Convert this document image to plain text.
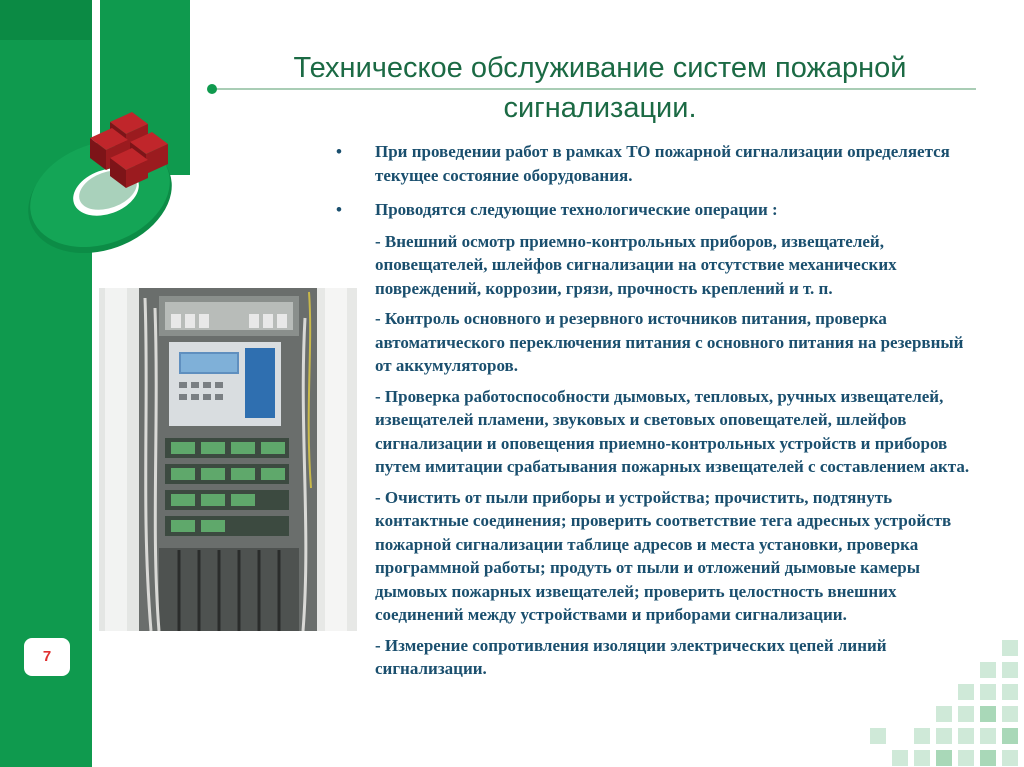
Техническое обслуживание систем пожарной
сигнализации.
7
• При проведении работ в рамках ТО пожарной сигнализации определяется текущее состояние оборудования.
• Проводятся следующие технологические операции :
- Внешний осмотр приемно-контрольных приборов, извещателей, оповещателей, шлейфов сигнализации на отсутствие механических повреждений, коррозии, грязи, прочность креплений и т. п.
- Контроль основного и резервного источников питания, проверка автоматического переключения питания с основного питания на резервный от аккумуляторов.
- Проверка работоспособности дымовых, тепловых, ручных извещателей, извещателей пламени, звуковых и световых оповещателей, шлейфов сигнализации и оповещения приемно-контрольных устройств и приборов путем имитации срабатывания пожарных извещателей с составлением акта.
- Очистить от пыли приборы и устройства; прочистить, подтянуть контактные соединения; проверить соответствие тега адресных устройств пожарной сигнализации таблице адресов и места установки, проверка программной работы; продуть от пыли и отложений дымовые камеры дымовых пожарных извещателей; проверить целостность внешних соединений между устройствами и приборами сигнализации.
- Измерение сопротивления изоляции электрических цепей линий сигнализации.
